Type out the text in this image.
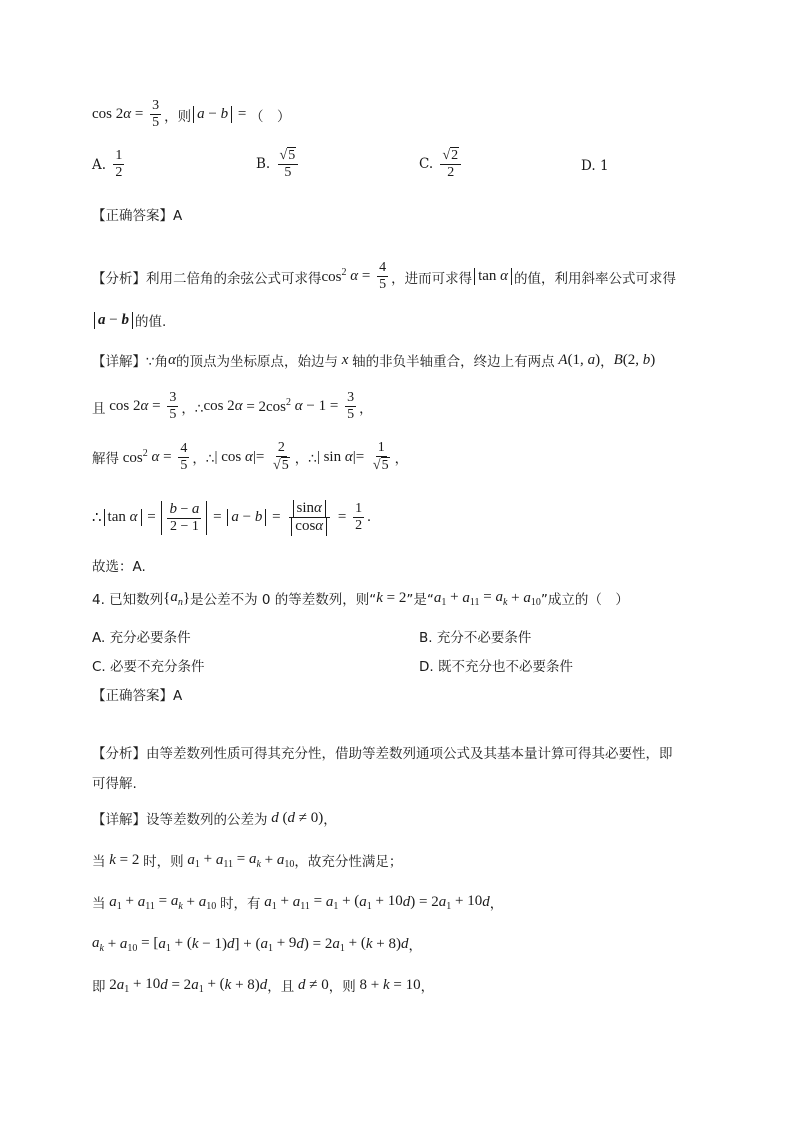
cos 2 $\alpha = \frac{3}{5}$ ，则 a − b = （　）
A.
$\frac{1}{2}$	B.
$\frac{√ 5}{5}$	C.
$\frac{√ 2}{2}$	D.
1
【正确答案】A
【分析】 利用二倍角的余弦公式可求得 $\cos^2 \alpha = \frac{4}{5}$ ，进而可求得 tan α 的值，利用斜率公式可求得
a − b 的值.
【详解】 ∵角 α 的顶点为坐标原点，始边与 x 轴的非负半轴重合，终边上有两点 A (1, a ) ， B (2, b )
且 cos 2 $\alpha = \frac{3}{5}$ ，∴ cos 2 $\alpha = 2\cos^2$ $\alpha - 1 = \frac{3}{5}$ ，
解得 $\cos^2 \alpha = \frac{4}{5}$ ，∴ | cos α |= $\frac{2}{√ 5}$ ，∴ | sin α |= $\frac{1}{√ 5}$ ，
∴ $\tan \alpha = \frac{b - a}{2 - 1} = a - b = \frac{\text{sin α}}{\text{cos α}} = \frac{1}{2}$ .
故选：A.
4. 已知数列 { $a_n$ } 是公差不为 0 的等差数列，则“ k = 2 ”是“ a $_1$ + a $_{11} = a_k + a$ $_{10}$ ”成立的（　）
A. 充分必要条件	B. 充分不必要条件
C. 必要不充分条件	D. 既不充分也不必要条件
【正确答案】A
【分析】 由等差数列性质可得其充分性，借助等差数列通项公式及其基本量计算可得其必要性，即
可得解.
【详解】 设等差数列的公差为 d ( d ≠ 0) ，
当 k = 2 时，则 a $_1$ + a $_{11} = a_k + a$ $_{10}$ ，故充分性满足；
当 a $_1$ + a $_{11} = a_k + a$ $_{10}$ 时，有 a $_1$ + a $_{11}$ = a $_1$ + ( a $_1$ + 10 d ) = 2 a $_1$ + 10 d ，
$a_k + a$ $_{10}$ = [ a $_1$ + ( k − 1) d ] + ( a $_1$ + 9 d ) = 2 a $_1$ + ( k + 8) d ，
即 2 a $_1$ + 10 d = 2 a $_1$ + ( k + 8) d ，且 d ≠ 0 ，则 8 + k = 10 ，
